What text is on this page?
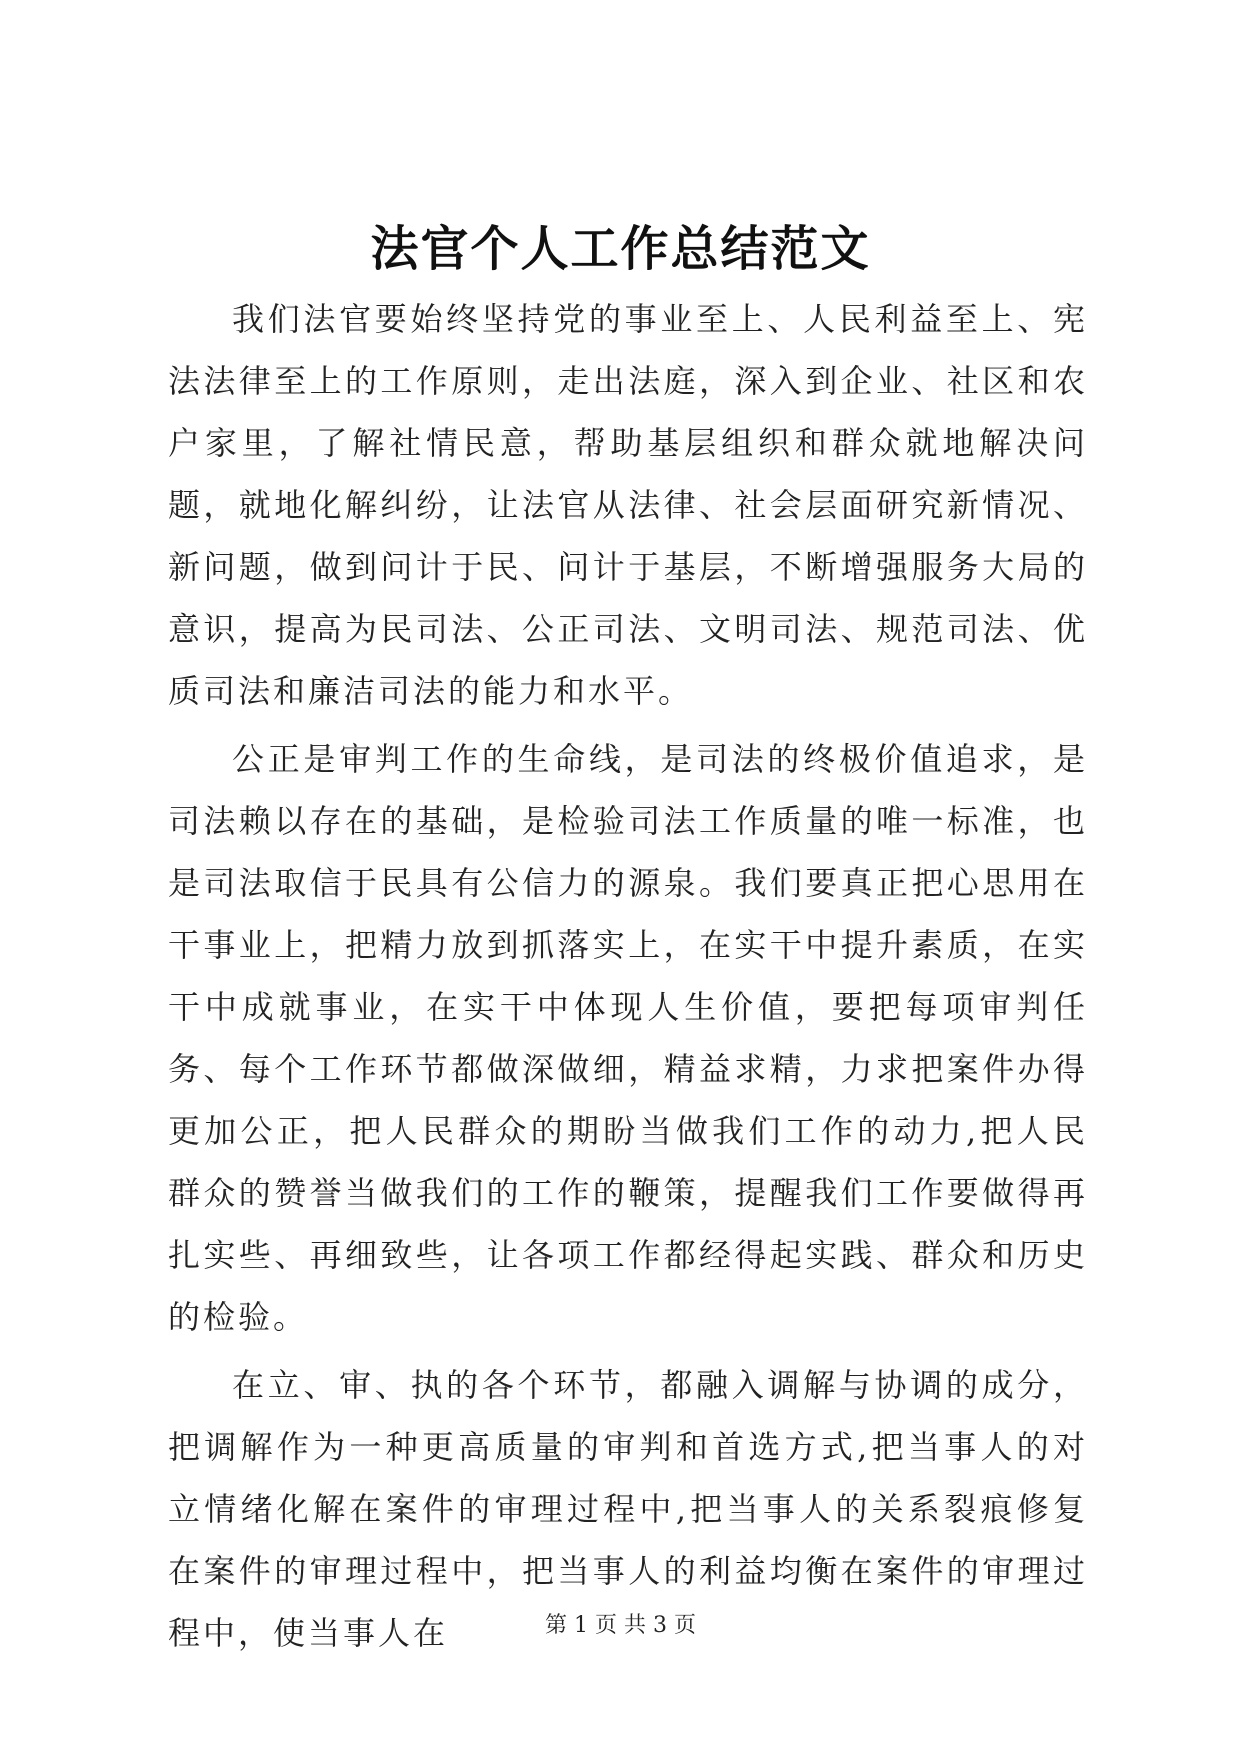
法官个人工作总结范文

我们法官要始终坚持党的事业至上、人民利益至上、宪法法律至上的工作原则，走出法庭，深入到企业、社区和农户家里，了解社情民意，帮助基层组织和群众就地解决问题，就地化解纠纷，让法官从法律、社会层面研究新情况、新问题，做到问计于民、问计于基层，不断增强服务大局的意识，提高为民司法、公正司法、文明司法、规范司法、优质司法和廉洁司法的能力和水平。

公正是审判工作的生命线，是司法的终极价值追求，是司法赖以存在的基础，是检验司法工作质量的唯一标准，也是司法取信于民具有公信力的源泉。我们要真正把心思用在干事业上，把精力放到抓落实上，在实干中提升素质，在实干中成就事业，在实干中体现人生价值，要把每项审判任务、每个工作环节都做深做细，精益求精，力求把案件办得更加公正，把人民群众的期盼当做我们工作的动力,把人民群众的赞誉当做我们的工作的鞭策，提醒我们工作要做得再扎实些、再细致些，让各项工作都经得起实践、群众和历史的检验。

在立、审、执的各个环节，都融入调解与协调的成分，把调解作为一种更高质量的审判和首选方式,把当事人的对立情绪化解在案件的审理过程中,把当事人的关系裂痕修复在案件的审理过程中，把当事人的利益均衡在案件的审理过程中，使当事人在	第 1 页 共 3 页
